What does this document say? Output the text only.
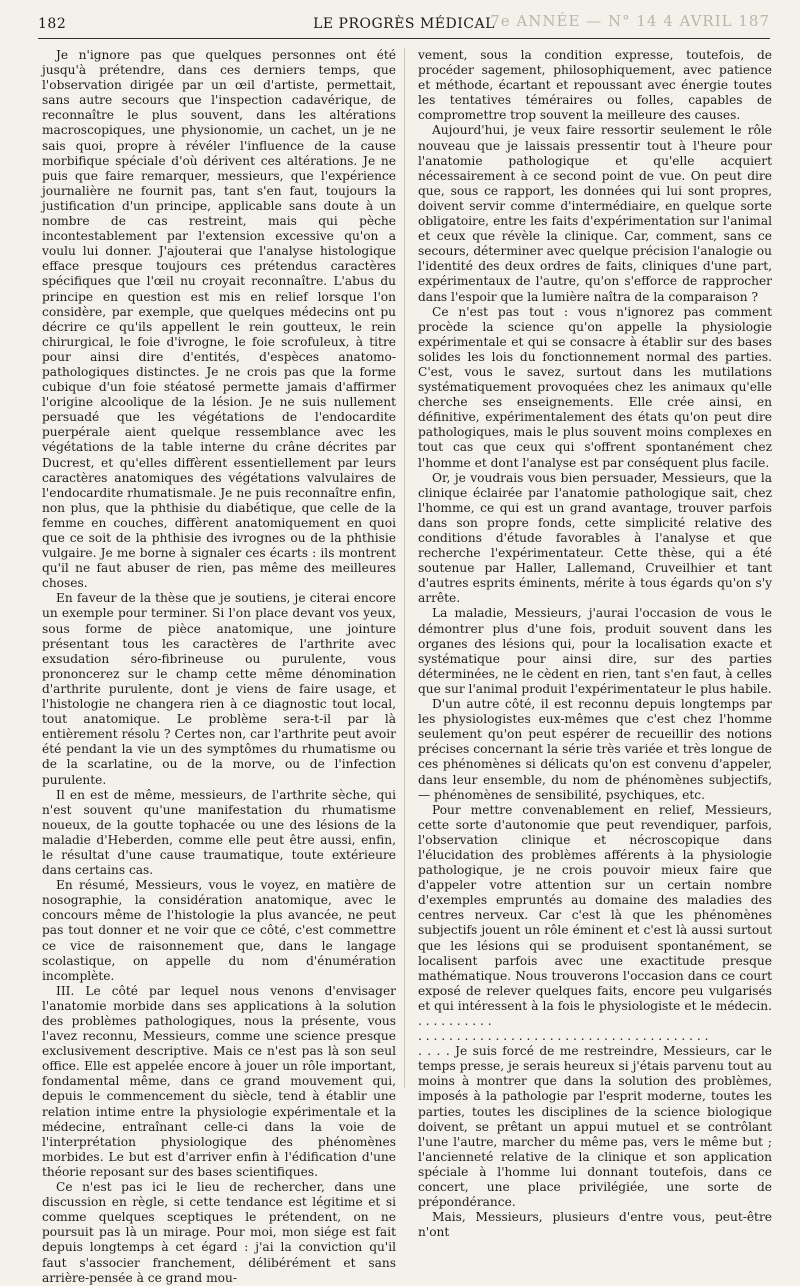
182	LE PROGRÈS MÉDICAL
7e ANNÉE — N° 14 4 AVRIL 187

Je n'ignore pas que quelques personnes ont été jusqu'à prétendre, dans ces derniers temps, que l'observation dirigée par un œil d'artiste, permettait, sans autre secours que l'inspection cadavérique, de reconnaître le plus souvent, dans les altérations macroscopiques, une physionomie, un cachet, un je ne sais quoi, propre à révéler l'influence de la cause morbifique spéciale d'où dérivent ces altérations. Je ne puis que faire remarquer, messieurs, que l'expérience journalière ne fournit pas, tant s'en faut, toujours la justification d'un principe, applicable sans doute à un nombre de cas restreint, mais qui pèche incontestablement par l'extension excessive qu'on a voulu lui donner. J'ajouterai que l'analyse histologique efface presque toujours ces prétendus caractères spécifiques que l'œil nu croyait reconnaître. L'abus du principe en question est mis en relief lorsque l'on considère, par exemple, que quelques médecins ont pu décrire ce qu'ils appellent le rein goutteux, le rein chirurgical, le foie d'ivrogne, le foie scrofuleux, à titre pour ainsi dire d'entités, d'espèces anatomo-pathologiques distinctes. Je ne crois pas que la forme cubique d'un foie stéatosé permette jamais d'affirmer l'origine alcoolique de la lésion. Je ne suis nullement persuadé que les végétations de l'endocardite puerpérale aient quelque ressemblance avec les végétations de la table interne du crâne décrites par Ducrest, et qu'elles diffèrent essentiellement par leurs caractères anatomiques des végétations valvulaires de l'endocardite rhumatismale. Je ne puis reconnaître enfin, non plus, que la phthisie du diabétique, que celle de la femme en couches, diffèrent anatomiquement en quoi que ce soit de la phthisie des ivrognes ou de la phthisie vulgaire. Je me borne à signaler ces écarts : ils montrent qu'il ne faut abuser de rien, pas même des meilleures choses.

En faveur de la thèse que je soutiens, je citerai encore un exemple pour terminer. Si l'on place devant vos yeux, sous forme de pièce anatomique, une jointure présentant tous les caractères de l'arthrite avec exsudation séro-fibrineuse ou purulente, vous prononcerez sur le champ cette même dénomination d'arthrite purulente, dont je viens de faire usage, et l'histologie ne changera rien à ce diagnostic tout local, tout anatomique. Le problème sera-t-il par là entièrement résolu ? Certes non, car l'arthrite peut avoir été pendant la vie un des symptômes du rhumatisme ou de la scarlatine, ou de la morve, ou de l'infection purulente.

Il en est de même, messieurs, de l'arthrite sèche, qui n'est souvent qu'une manifestation du rhumatisme noueux, de la goutte tophacée ou une des lésions de la maladie d'Heberden, comme elle peut être aussi, enfin, le résultat d'une cause traumatique, toute extérieure dans certains cas.

En résumé, Messieurs, vous le voyez, en matière de nosographie, la considération anatomique, avec le concours même de l'histologie la plus avancée, ne peut pas tout donner et ne voir que ce côté, c'est commettre ce vice de raisonnement que, dans le langage scolastique, on appelle du nom d'énumération incomplète.

III. Le côté par lequel nous venons d'envisager l'anatomie morbide dans ses applications à la solution des problèmes pathologiques, nous la présente, vous l'avez reconnu, Messieurs, comme une science presque exclusivement descriptive. Mais ce n'est pas là son seul office. Elle est appelée encore à jouer un rôle important, fondamental même, dans ce grand mouvement qui, depuis le commencement du siècle, tend à établir une relation intime entre la physiologie expérimentale et la médecine, entraînant celle-ci dans la voie de l'interprétation physiologique des phénomènes morbides. Le but est d'arriver enfin à l'édification d'une théorie reposant sur des bases scientifiques.

Ce n'est pas ici le lieu de rechercher, dans une discussion en règle, si cette tendance est légitime et si comme quelques sceptiques le prétendent, on ne poursuit pas là un mirage. Pour moi, mon siége est fait depuis longtemps à cet égard : j'ai la conviction qu'il faut s'associer franchement, délibérément et sans arrière-pensée à ce grand mou-

vement, sous la condition expresse, toutefois, de procéder sagement, philosophiquement, avec patience et méthode, écartant et repoussant avec énergie toutes les tentatives téméraires ou folles, capables de compromettre trop souvent la meilleure des causes.

Aujourd'hui, je veux faire ressortir seulement le rôle nouveau que je laissais pressentir tout à l'heure pour l'anatomie pathologique et qu'elle acquiert nécessairement à ce second point de vue. On peut dire que, sous ce rapport, les données qui lui sont propres, doivent servir comme d'intermédiaire, en quelque sorte obligatoire, entre les faits d'expérimentation sur l'animal et ceux que révèle la clinique. Car, comment, sans ce secours, déterminer avec quelque précision l'analogie ou l'identité des deux ordres de faits, cliniques d'une part, expérimentaux de l'autre, qu'on s'efforce de rapprocher dans l'espoir que la lumière naîtra de la comparaison ?

Ce n'est pas tout : vous n'ignorez pas comment procède la science qu'on appelle la physiologie expérimentale et qui se consacre à établir sur des bases solides les lois du fonctionnement normal des parties. C'est, vous le savez, surtout dans les mutilations systématiquement provoquées chez les animaux qu'elle cherche ses enseignements. Elle crée ainsi, en définitive, expérimentalement des états qu'on peut dire pathologiques, mais le plus souvent moins complexes en tout cas que ceux qui s'offrent spontanément chez l'homme et dont l'analyse est par conséquent plus facile.

Or, je voudrais vous bien persuader, Messieurs, que la clinique éclairée par l'anatomie pathologique sait, chez l'homme, ce qui est un grand avantage, trouver parfois dans son propre fonds, cette simplicité relative des conditions d'étude favorables à l'analyse et que recherche l'expérimentateur. Cette thèse, qui a été soutenue par Haller, Lallemand, Cruveilhier et tant d'autres esprits éminents, mérite à tous égards qu'on s'y arrête.

La maladie, Messieurs, j'aurai l'occasion de vous le démontrer plus d'une fois, produit souvent dans les organes des lésions qui, pour la localisation exacte et systématique pour ainsi dire, sur des parties déterminées, ne le cèdent en rien, tant s'en faut, à celles que sur l'animal produit l'expérimentateur le plus habile.

D'un autre côté, il est reconnu depuis longtemps par les physiologistes eux-mêmes que c'est chez l'homme seulement qu'on peut espérer de recueillir des notions précises concernant la série très variée et très longue de ces phénomènes si délicats qu'on est convenu d'appeler, dans leur ensemble, du nom de phénomènes subjectifs, — phénomènes de sensibilité, psychiques, etc.

Pour mettre convenablement en relief, Messieurs, cette sorte d'autonomie que peut revendiquer, parfois, l'observation clinique et nécroscopique dans l'élucidation des problèmes afférents à la physiologie pathologique, je ne crois pouvoir mieux faire que d'appeler votre attention sur un certain nombre d'exemples empruntés au domaine des maladies des centres nerveux. Car c'est là que les phénomènes subjectifs jouent un rôle éminent et c'est là aussi surtout que les lésions qui se produisent spontanément, se localisent parfois avec une exactitude presque mathématique. Nous trouverons l'occasion dans ce court exposé de relever quelques faits, encore peu vulgarisés et qui intéressent à la fois le physiologiste et le médecin. . . . . . . . . . .

. . . . . . . . . . . . . . . . . . . . . . . . . . . . . . . . . . . . . .

. . . . Je suis forcé de me restreindre, Messieurs, car le temps presse, je serais heureux si j'étais parvenu tout au moins à montrer que dans la solution des problèmes, imposés à la pathologie par l'esprit moderne, toutes les parties, toutes les disciplines de la science biologique doivent, se prêtant un appui mutuel et se contrôlant l'une l'autre, marcher du même pas, vers le même but ; l'ancienneté relative de la clinique et son application spéciale à l'homme lui donnant toutefois, dans ce concert, une place privilégiée, une sorte de prépondérance.

Mais, Messieurs, plusieurs d'entre vous, peut-être n'ont
